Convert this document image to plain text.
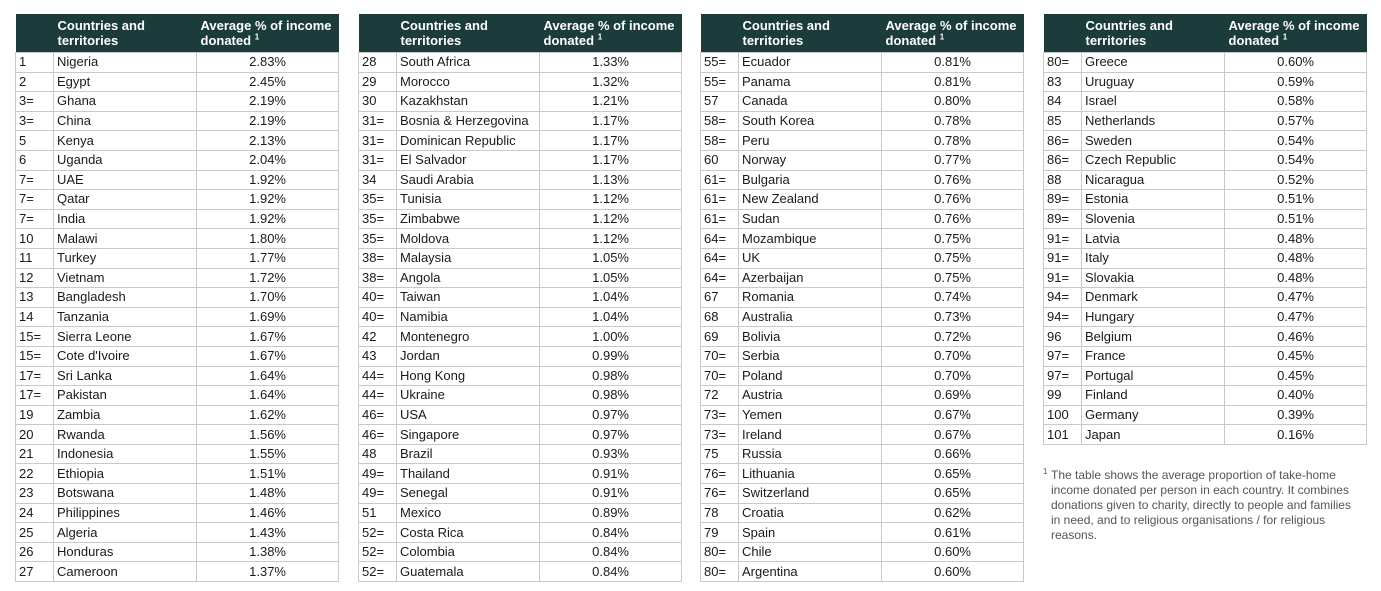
	Countries and territories	Average % of income donated $^1$
1	Nigeria	2.83%
2	Egypt	2.45%
3=	Ghana	2.19%
3=	China	2.19%
5	Kenya	2.13%
6	Uganda	2.04%
7=	UAE	1.92%
7=	Qatar	1.92%
7=	India	1.92%
10	Malawi	1.80%
11	Turkey	1.77%
12	Vietnam	1.72%
13	Bangladesh	1.70%
14	Tanzania	1.69%
15=	Sierra Leone	1.67%
15=	Cote d'Ivoire	1.67%
17=	Sri Lanka	1.64%
17=	Pakistan	1.64%
19	Zambia	1.62%
20	Rwanda	1.56%
21	Indonesia	1.55%
22	Ethiopia	1.51%
23	Botswana	1.48%
24	Philippines	1.46%
25	Algeria	1.43%
26	Honduras	1.38%
27	Cameroon	1.37%
	Countries and territories	Average % of income donated $^1$
28	South Africa	1.33%
29	Morocco	1.32%
30	Kazakhstan	1.21%
31=	Bosnia & Herzegovina	1.17%
31=	Dominican Republic	1.17%
31=	El Salvador	1.17%
34	Saudi Arabia	1.13%
35=	Tunisia	1.12%
35=	Zimbabwe	1.12%
35=	Moldova	1.12%
38=	Malaysia	1.05%
38=	Angola	1.05%
40=	Taiwan	1.04%
40=	Namibia	1.04%
42	Montenegro	1.00%
43	Jordan	0.99%
44=	Hong Kong	0.98%
44=	Ukraine	0.98%
46=	USA	0.97%
46=	Singapore	0.97%
48	Brazil	0.93%
49=	Thailand	0.91%
49=	Senegal	0.91%
51	Mexico	0.89%
52=	Costa Rica	0.84%
52=	Colombia	0.84%
52=	Guatemala	0.84%
	Countries and territories	Average % of income donated $^1$
55=	Ecuador	0.81%
55=	Panama	0.81%
57	Canada	0.80%
58=	South Korea	0.78%
58=	Peru	0.78%
60	Norway	0.77%
61=	Bulgaria	0.76%
61=	New Zealand	0.76%
61=	Sudan	0.76%
64=	Mozambique	0.75%
64=	UK	0.75%
64=	Azerbaijan	0.75%
67	Romania	0.74%
68	Australia	0.73%
69	Bolivia	0.72%
70=	Serbia	0.70%
70=	Poland	0.70%
72	Austria	0.69%
73=	Yemen	0.67%
73=	Ireland	0.67%
75	Russia	0.66%
76=	Lithuania	0.65%
76=	Switzerland	0.65%
78	Croatia	0.62%
79	Spain	0.61%
80=	Chile	0.60%
80=	Argentina	0.60%
	Countries and territories	Average % of income donated $^1$
80=	Greece	0.60%
83	Uruguay	0.59%
84	Israel	0.58%
85	Netherlands	0.57%
86=	Sweden	0.54%
86=	Czech Republic	0.54%
88	Nicaragua	0.52%
89=	Estonia	0.51%
89=	Slovenia	0.51%
91=	Latvia	0.48%
91=	Italy	0.48%
91=	Slovakia	0.48%
94=	Denmark	0.47%
94=	Hungary	0.47%
96	Belgium	0.46%
97=	France	0.45%
97=	Portugal	0.45%
99	Finland	0.40%
100	Germany	0.39%
101	Japan	0.16%
1 The table shows the average proportion of take-home income donated per person in each country. It combines donations given to charity, directly to people and families in need, and to religious organisations / for religious reasons.
